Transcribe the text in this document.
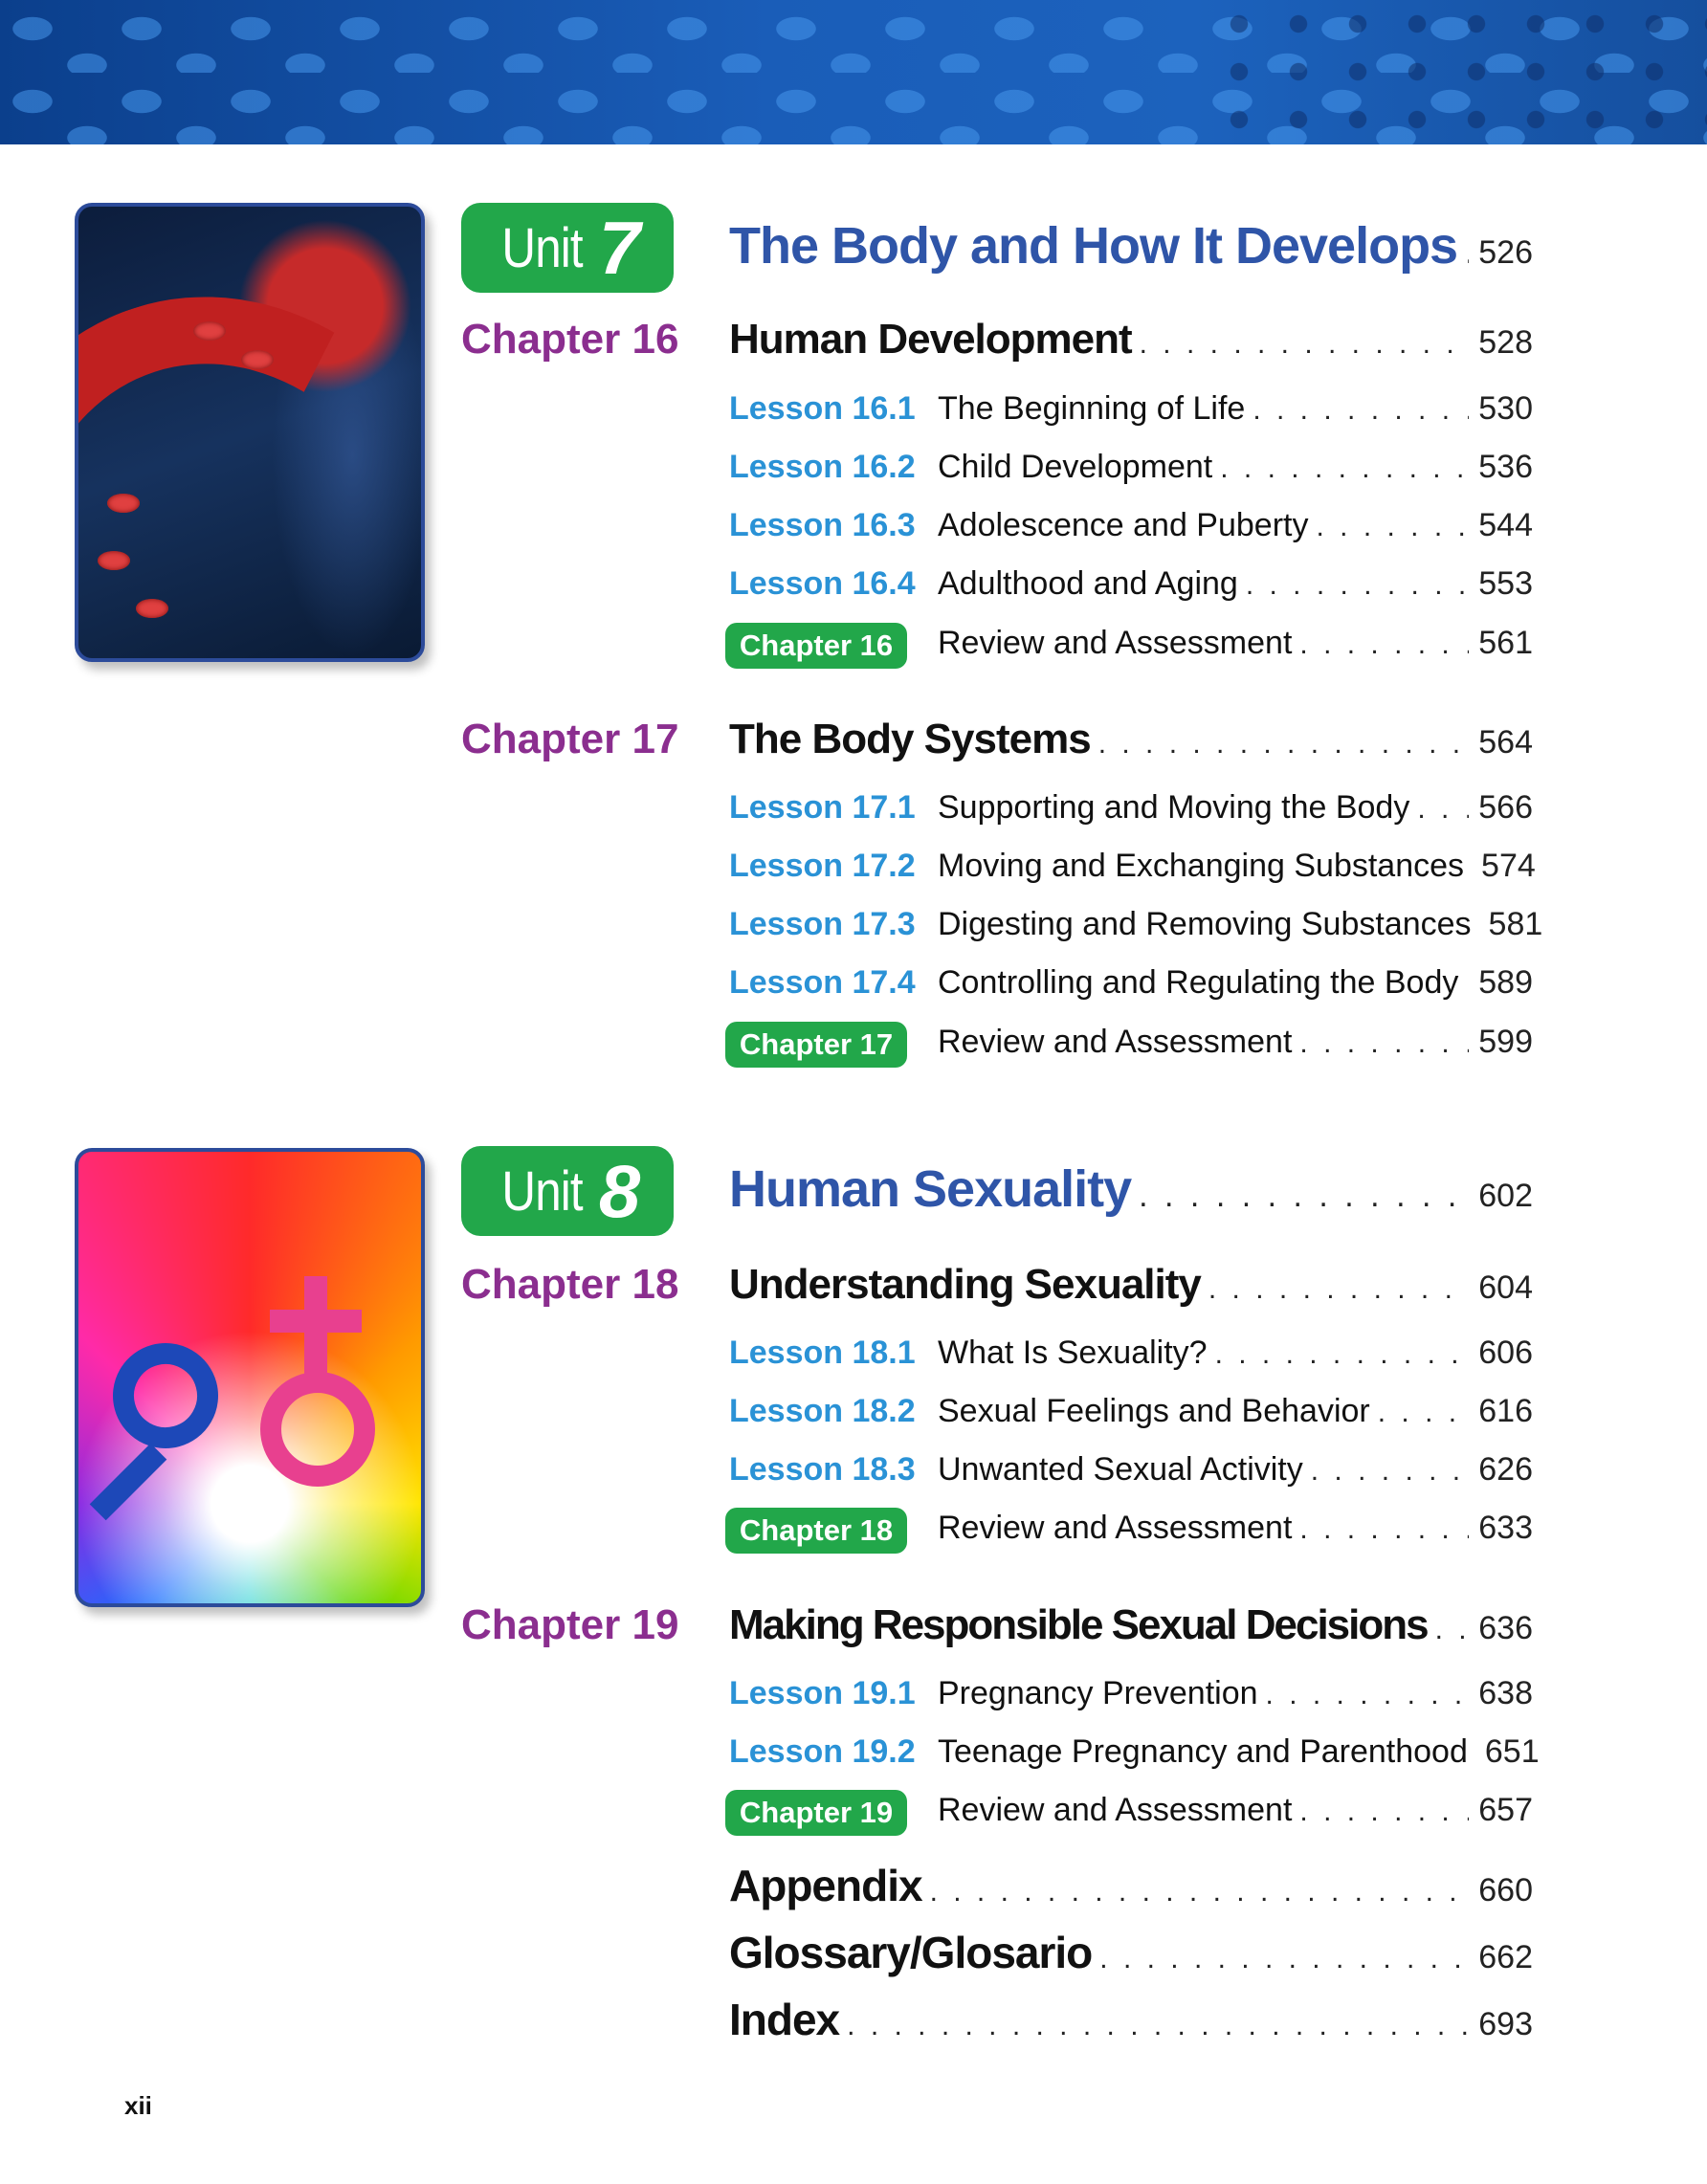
Unit 7 The Body and How It Develops . . . 526
Chapter 16 Human Development . . .	528
Lesson 16.1 The Beginning of Life . . .	530
Lesson 16.2 Child Development . . .	536
Lesson 16.3 Adolescence and Puberty . . .	544
Lesson 16.4 Adulthood and Aging . . .	553
Chapter 16	Review and Assessment . . .	561
Chapter 17 The Body Systems . . .	564
Lesson 17.1 Supporting and Moving the Body . . . 566
Lesson 17.2 Moving and Exchanging Substances 574
Lesson 17.3 Digesting and Removing Substances 581
Lesson 17.4 Controlling and Regulating the Body . . . 589
Chapter 17	Review and Assessment . . .	599
Unit 8 Human Sexuality . . .	602
Chapter 18 Understanding Sexuality . . .	604
Lesson 18.1 What Is Sexuality? . . .	606
Lesson 18.2 Sexual Feelings and Behavior . . .	616
Lesson 18.3 Unwanted Sexual Activity . . .	626
Chapter 18	Review and Assessment . . .	633
Chapter 19 Making Responsible Sexual Decisions . . . 636
Lesson 19.1 Pregnancy Prevention . . .	638
Lesson 19.2 Teenage Pregnancy and Parenthood 651
Chapter 19	Review and Assessment . . .	657
Appendix . . .	660
Glossary/Glosario . . .	662
Index . . .	693
xii
